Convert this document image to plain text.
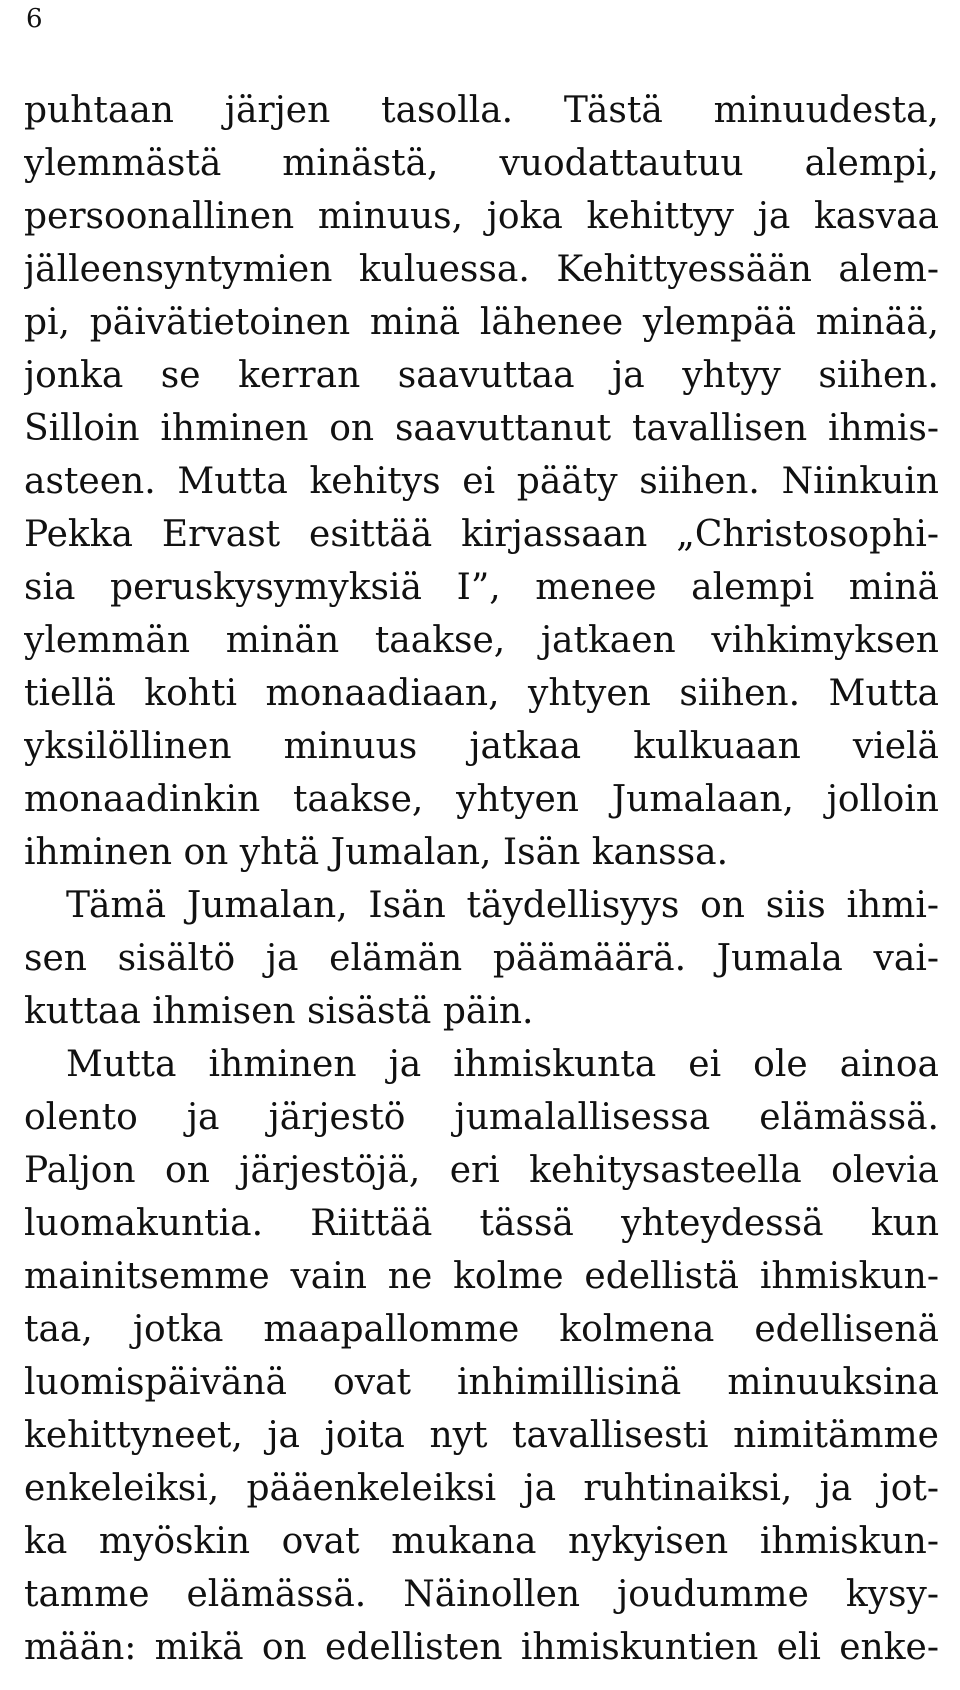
6
puhtaan järjen tasolla. Tästä minuudesta,
ylemmästä minästä, vuodattautuu alempi,
persoonallinen minuus, joka kehittyy ja kasvaa
jälleensyntymien kuluessa. Kehittyessään alem-
pi, päivätietoinen minä lähenee ylempää minää,
jonka se kerran saavuttaa ja yhtyy siihen.
Silloin ihminen on saavuttanut tavallisen ihmis-
asteen. Mutta kehitys ei pääty siihen. Niinkuin
Pekka Ervast esittää kirjassaan „Christosophi-
sia peruskysymyksiä I”, menee alempi minä
ylemmän minän taakse, jatkaen vihkimyksen
tiellä kohti monaadiaan, yhtyen siihen. Mutta
yksilöllinen minuus jatkaa kulkuaan vielä
monaadinkin taakse, yhtyen Jumalaan, jolloin
ihminen on yhtä Jumalan, Isän kanssa.
Tämä Jumalan, Isän täydellisyys on siis ihmi-
sen sisältö ja elämän päämäärä. Jumala vai-
kuttaa ihmisen sisästä päin.
Mutta ihminen ja ihmiskunta ei ole ainoa
olento ja järjestö jumalallisessa elämässä.
Paljon on järjestöjä, eri kehitysasteella olevia
luomakuntia. Riittää tässä yhteydessä kun
mainitsemme vain ne kolme edellistä ihmiskun-
taa, jotka maapallomme kolmena edellisenä
luomispäivänä ovat inhimillisinä minuuksina
kehittyneet, ja joita nyt tavallisesti nimitämme
enkeleiksi, pääenkeleiksi ja ruhtinaiksi, ja jot-
ka myöskin ovat mukana nykyisen ihmiskun-
tamme elämässä. Näinollen joudumme kysy-
mään: mikä on edellisten ihmiskuntien eli enke-
